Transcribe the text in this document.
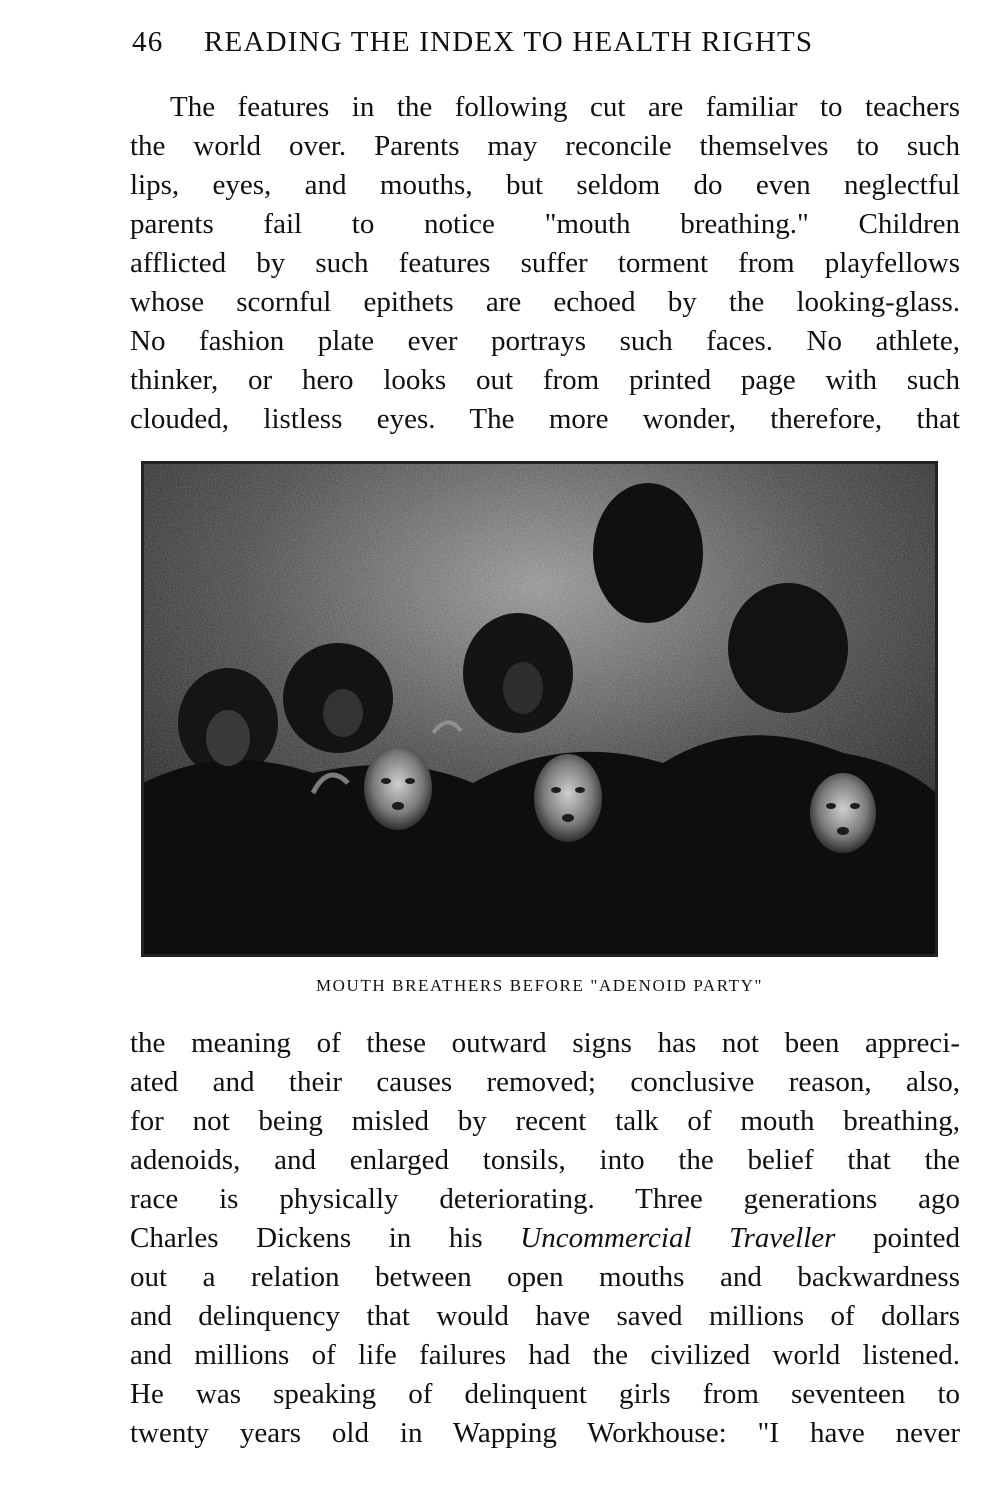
46 READING THE INDEX TO HEALTH RIGHTS
The features in the following cut are familiar to teachers
the world over. Parents may reconcile themselves to such
lips, eyes, and mouths, but seldom do even neglectful
parents fail to notice "mouth breathing." Children
afflicted by such features suffer torment from playfellows
whose scornful epithets are echoed by the looking-glass.
No fashion plate ever portrays such faces. No athlete,
thinker, or hero looks out from printed page with such
clouded, listless eyes. The more wonder, therefore, that
MOUTH BREATHERS BEFORE "ADENOID PARTY"
the meaning of these outward signs has not been appreci-
ated and their causes removed; conclusive reason, also,
for not being misled by recent talk of mouth breathing,
adenoids, and enlarged tonsils, into the belief that the
race is physically deteriorating. Three generations ago
Charles Dickens in his Uncommercial Traveller pointed
out a relation between open mouths and backwardness
and delinquency that would have saved millions of dollars
and millions of life failures had the civilized world listened.
He was speaking of delinquent girls from seventeen to
twenty years old in Wapping Workhouse: "I have never
